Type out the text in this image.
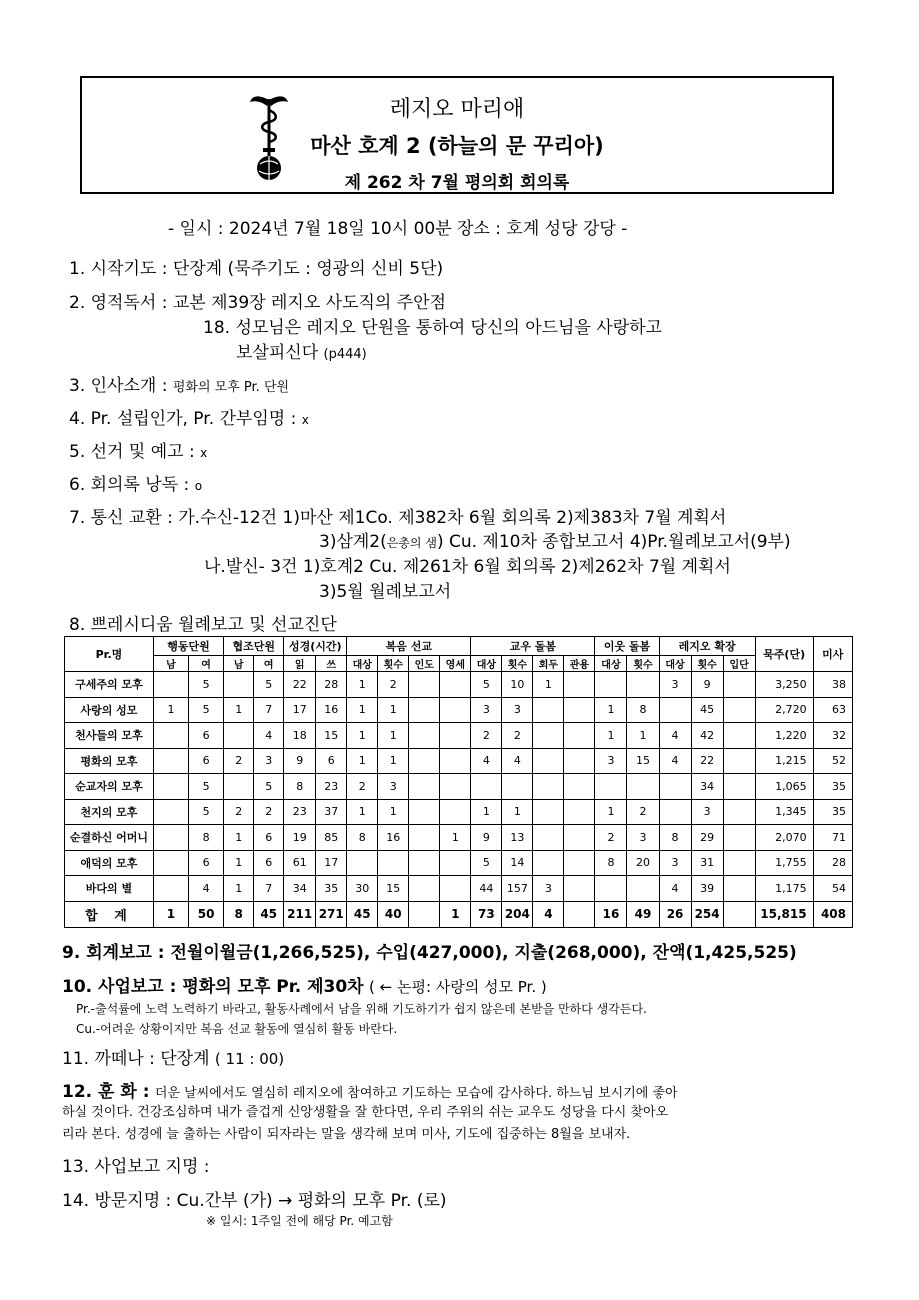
레지오 마리애
마산 호계 2 (하늘의 문 꾸리아)
제 262 차 7월 평의회 회의록
- 일시 : 2024년 7월 18일 10시 00분 장소 : 호계 성당 강당 -
1. 시작기도 : 단장계 (묵주기도 : 영광의 신비 5단)
2. 영적독서 : 교본 제39장 레지오 사도직의 주안점
18. 성모님은 레지오 단원을 통하여 당신의 아드님을 사랑하고
보살피신다 (p444)
3. 인사소개 : 평화의 모후 Pr. 단원
4. Pr. 설립인가, Pr. 간부임명 : x
5. 선거 및 예고 : x
6. 회의록 낭독 : o
7. 통신 교환 : 가.수신-12건 1)마산 제1Co. 제382차 6월 회의록 2)제383차 7월 계획서
3)삼계2(은총의 샘) Cu. 제10차 종합보고서 4)Pr.월례보고서(9부)
나.발신- 3건 1)호계2 Cu. 제261차 6월 회의록 2)제262차 7월 계획서
3)5월 월례보고서
8. 쁘레시디움 월례보고 및 선교진단
Pr.명	행동단원		협조단원		성경(시간)		복음 선교				교우 돌봄				이웃 돌봄		레지오 확장			묵주(단)	미사
	남	여	남	여	읽	쓰	대상	횟수	인도	영세	대상	횟수	회두	관용	대상	횟수	대상	횟수	입단		
구세주의 모후		5		5	22	28	1	2			5	10	1				3	9		3,250	38
사랑의 성모	1	5	1	7	17	16	1	1			3	3			1	8		45		2,720	63
천사들의 모후		6		4	18	15	1	1			2	2			1	1	4	42		1,220	32
평화의 모후		6	2	3	9	6	1	1			4	4			3	15	4	22		1,215	52
순교자의 모후		5		5	8	23	2	3										34		1,065	35
천지의 모후		5	2	2	23	37	1	1			1	1			1	2		3		1,345	35
순결하신 어머니		8	1	6	19	85	8	16		1	9	13			2	3	8	29		2,070	71
애덕의 모후		6	1	6	61	17					5	14			8	20	3	31		1,755	28
바다의 별		4	1	7	34	35	30	15			44	157	3				4	39		1,175	54
합 계	1	50	8	45	211	271	45	40		1	73	204	4		16	49	26	254		15,815	408
9. 회계보고 : 전월이월금(1,266,525), 수입(427,000), 지출(268,000), 잔액(1,425,525)
10. 사업보고 : 평화의 모후 Pr. 제30차 ( ← 논평: 사랑의 성모 Pr. )
Pr.-출석률에 노력 노력하기 바라고, 활동사례에서 남을 위해 기도하기가 쉽지 않은데 본받을 만하다 생각든다.
Cu.-어려운 상황이지만 복음 선교 활동에 열심히 활동 바란다.
11. 까떼나 : 단장계 ( 11 : 00)
12. 훈 화 : 더운 날씨에서도 열심히 레지오에 참여하고 기도하는 모습에 감사하다. 하느님 보시기에 좋아
하실 것이다. 건강조심하며 내가 즐겁게 신앙생활을 잘 한다면, 우리 주위의 쉬는 교우도 성당을 다시 찾아오
리라 본다. 성경에 늘 출하는 사람이 되자라는 말을 생각해 보며 미사, 기도에 집중하는 8월을 보내자.
13. 사업보고 지명 :
14. 방문지명 : Cu.간부 (가) → 평화의 모후 Pr. (로)
※ 일시: 1주일 전에 해당 Pr. 예고함
